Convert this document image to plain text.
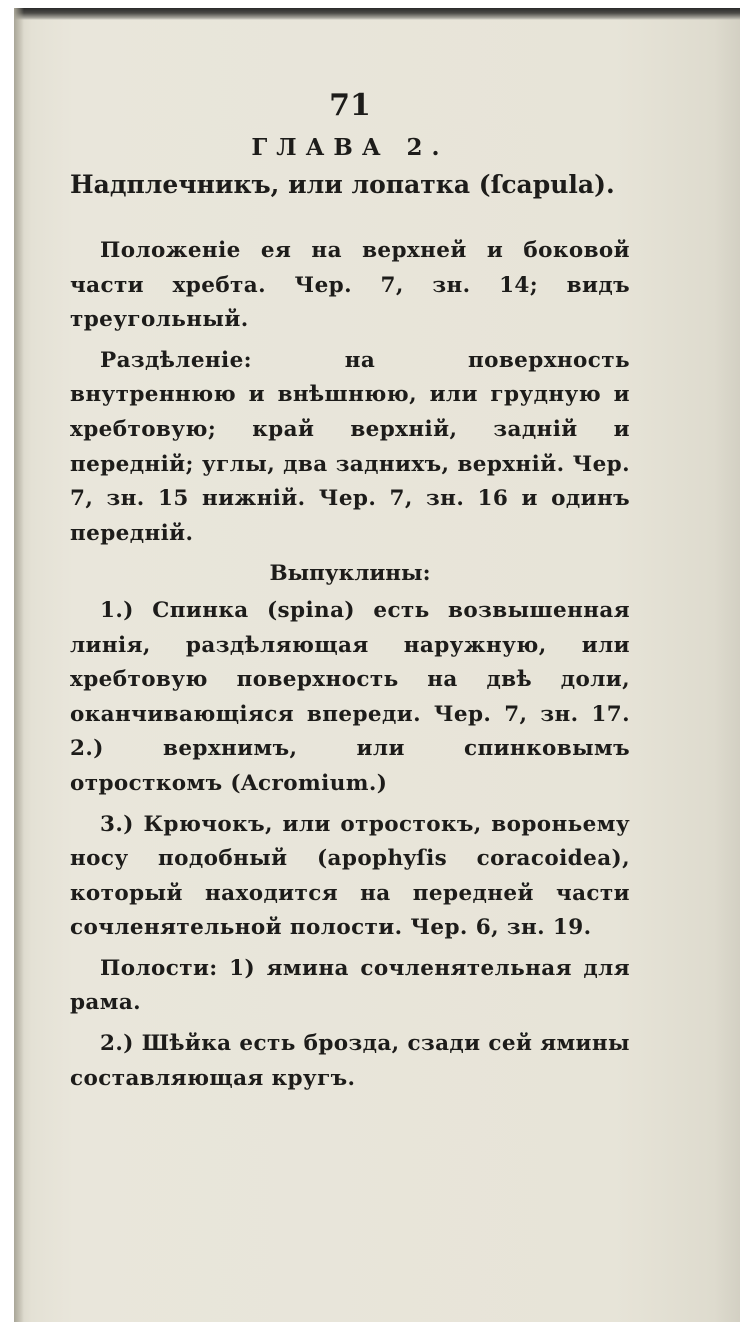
71
ГЛАВА 2.
Надплечникъ, или лопатка (ſcapula).

Положеніе ея на верхней и боковой части хребта. Чер. 7, зн. 14; видъ треугольный.

Раздѣленіе: на поверхность внутреннюю и внѣшнюю, или грудную и хребтовую; край верхній, задній и передній; углы, два заднихъ, верхній. Чер. 7, зн. 15 нижній. Чер. 7, зн. 16 и одинъ передній.

Выпуклины:

1.) Спинка (spina) есть возвышенная линія, раздѣляющая наружную, или хребтовую поверхность на двѣ доли, оканчивающіяся впереди. Чер. 7, зн. 17. 2.) верхнимъ, или спинковымъ отросткомъ (Acromium.)

3.) Крючокъ, или отростокъ, вороньему носу подобный (apophyſis coracoidea), который находится на передней части сочленятельной полости. Чер. 6, зн. 19.

Полости: 1) ямина сочленятельная для рама.

2.) Шѣйка есть броздa, сзади сей ямины составляющая кругъ.
